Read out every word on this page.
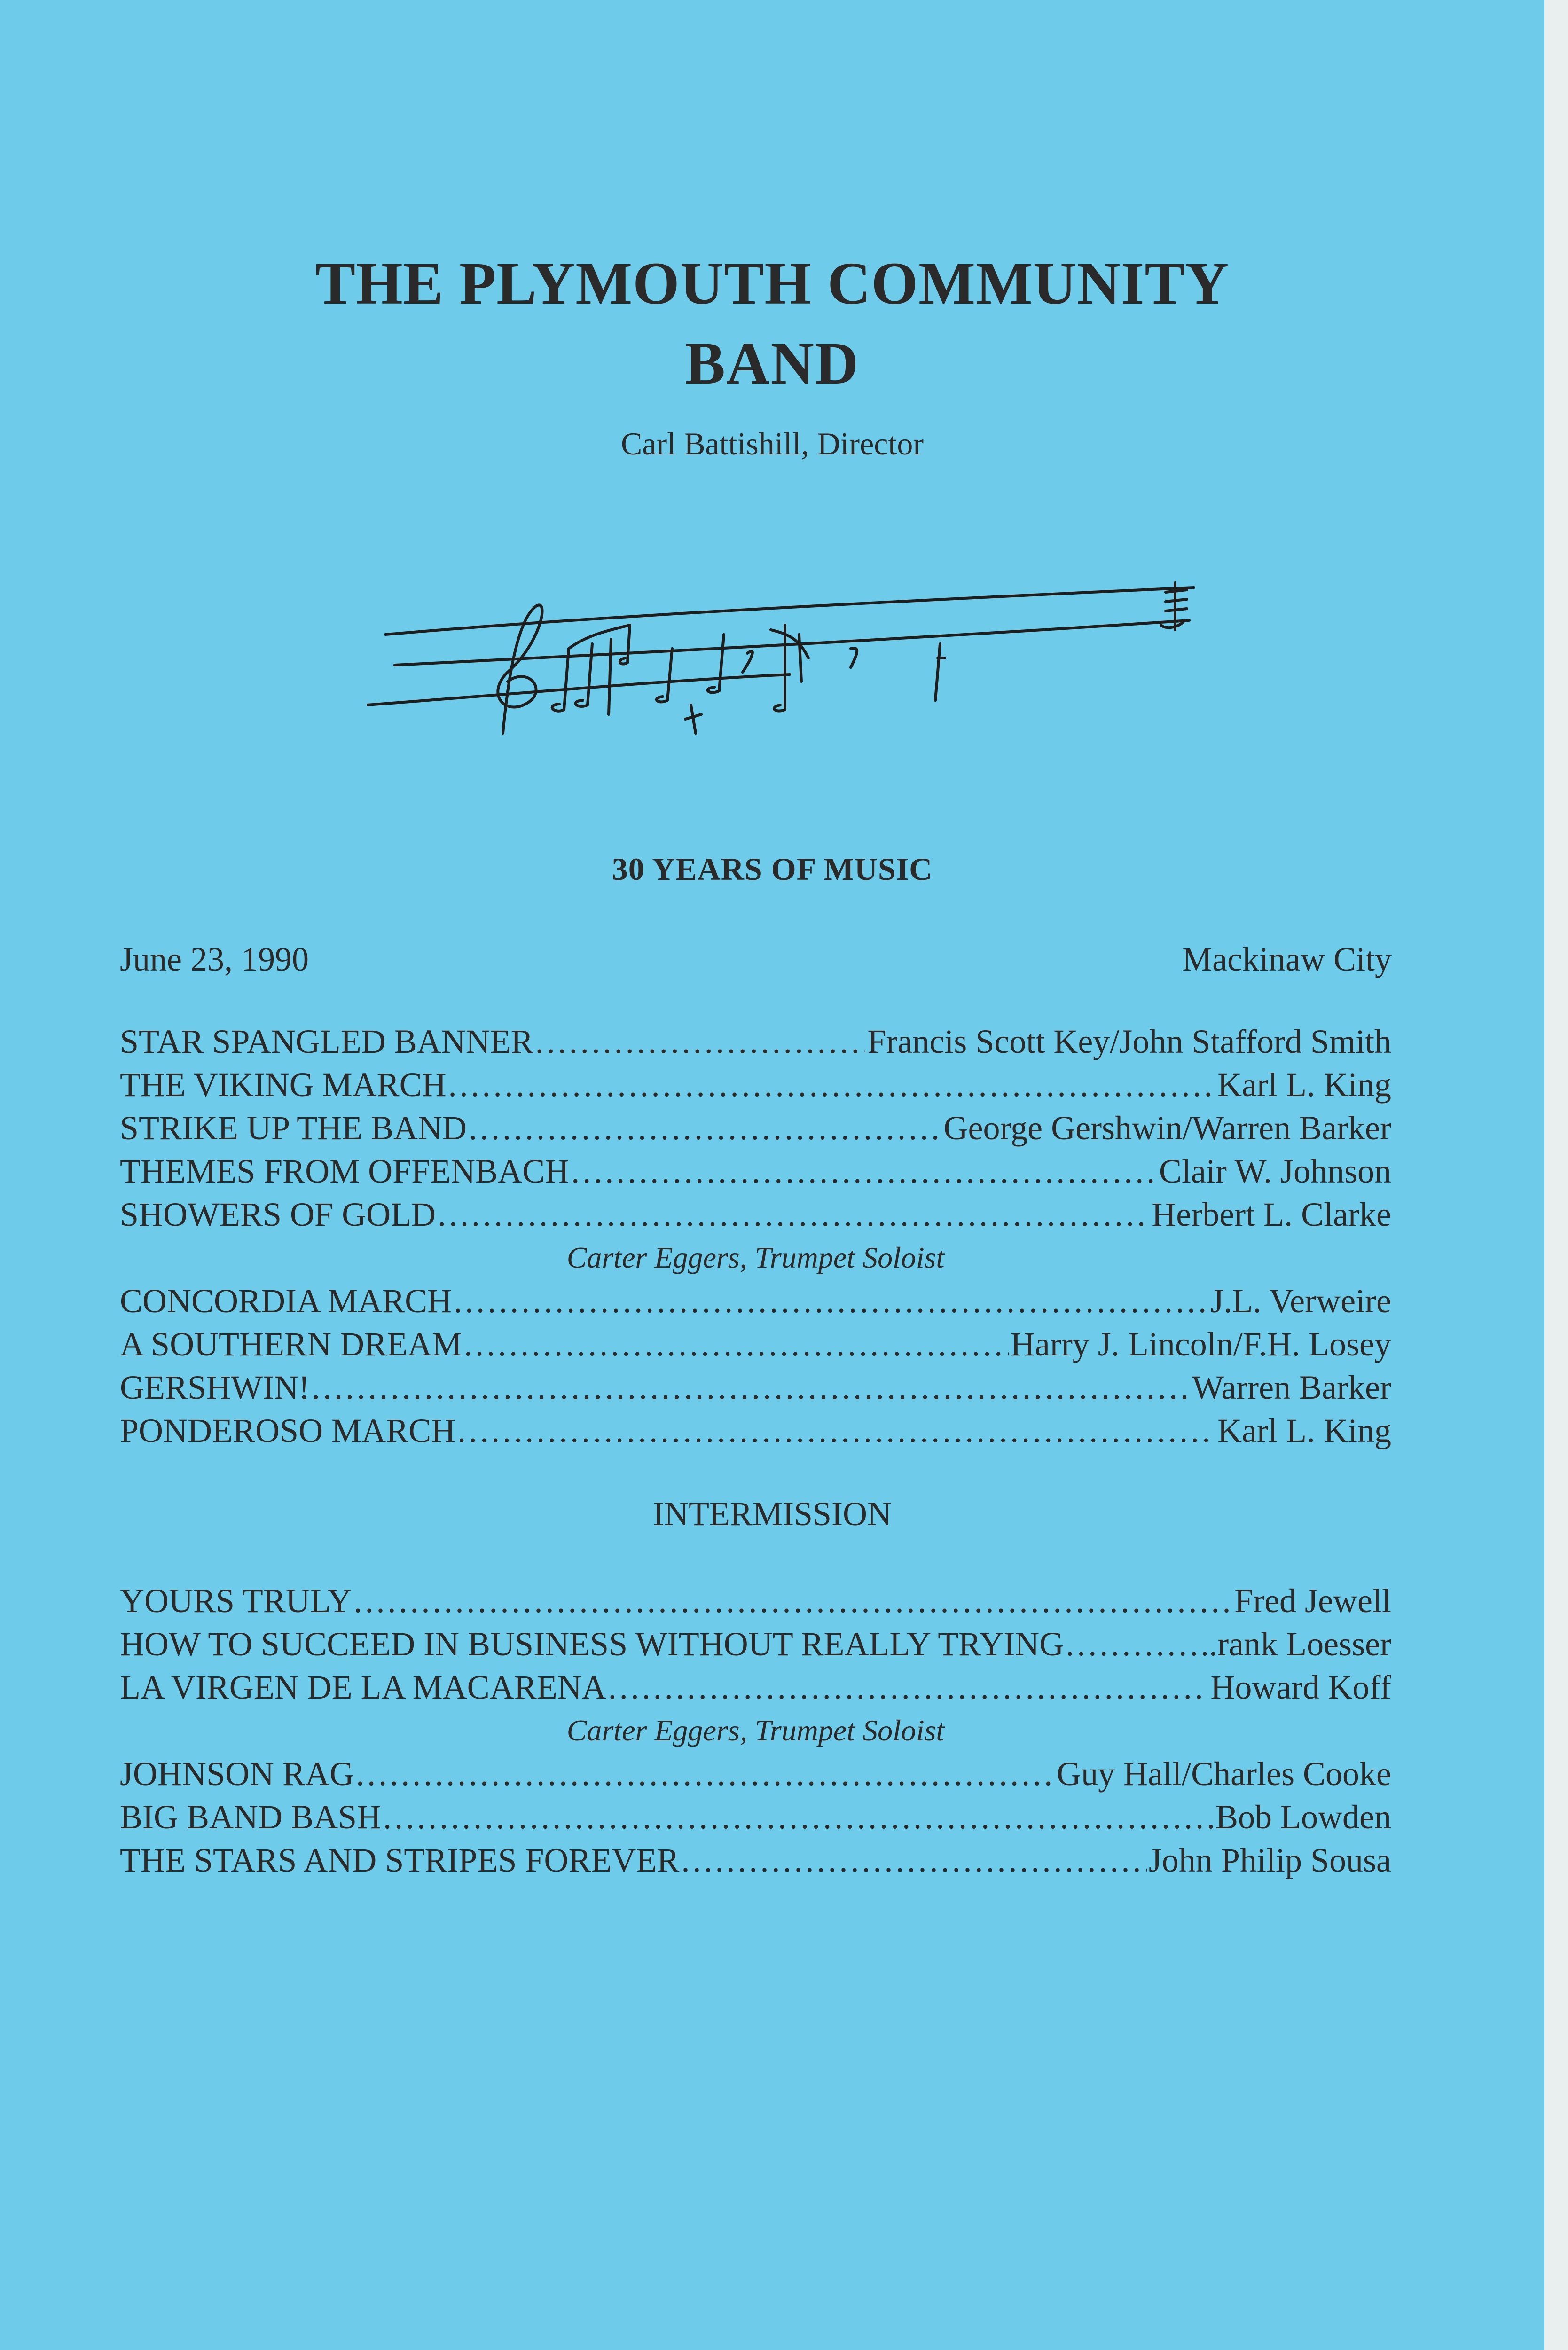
THE PLYMOUTH COMMUNITY
BAND
Carl Battishill, Director
30 YEARS OF MUSIC
June 23, 1990	Mackinaw City
STAR SPANGLED BANNER .....	Francis Scott Key/John Stafford Smith
THE VIKING MARCH .....	Karl L. King
STRIKE UP THE BAND .....	George Gershwin/Warren Barker
THEMES FROM OFFENBACH .....	Clair W. Johnson
SHOWERS OF GOLD .....	Herbert L. Clarke
Carter Eggers, Trumpet Soloist
CONCORDIA MARCH .....	J.L. Verweire
A SOUTHERN DREAM .....	Harry J. Lincoln/F.H. Losey
GERSHWIN! .....	Warren Barker
PONDEROSO MARCH .....	Karl L. King
INTERMISSION
YOURS TRULY .....	Fred Jewell
HOW TO SUCCEED IN BUSINESS WITHOUT REALLY TRYING .....	..rank Loesser
LA VIRGEN DE LA MACARENA .....	Howard Koff
Carter Eggers, Trumpet Soloist
JOHNSON RAG .....	Guy Hall/Charles Cooke
BIG BAND BASH .....	Bob Lowden
THE STARS AND STRIPES FOREVER .....	John Philip Sousa
